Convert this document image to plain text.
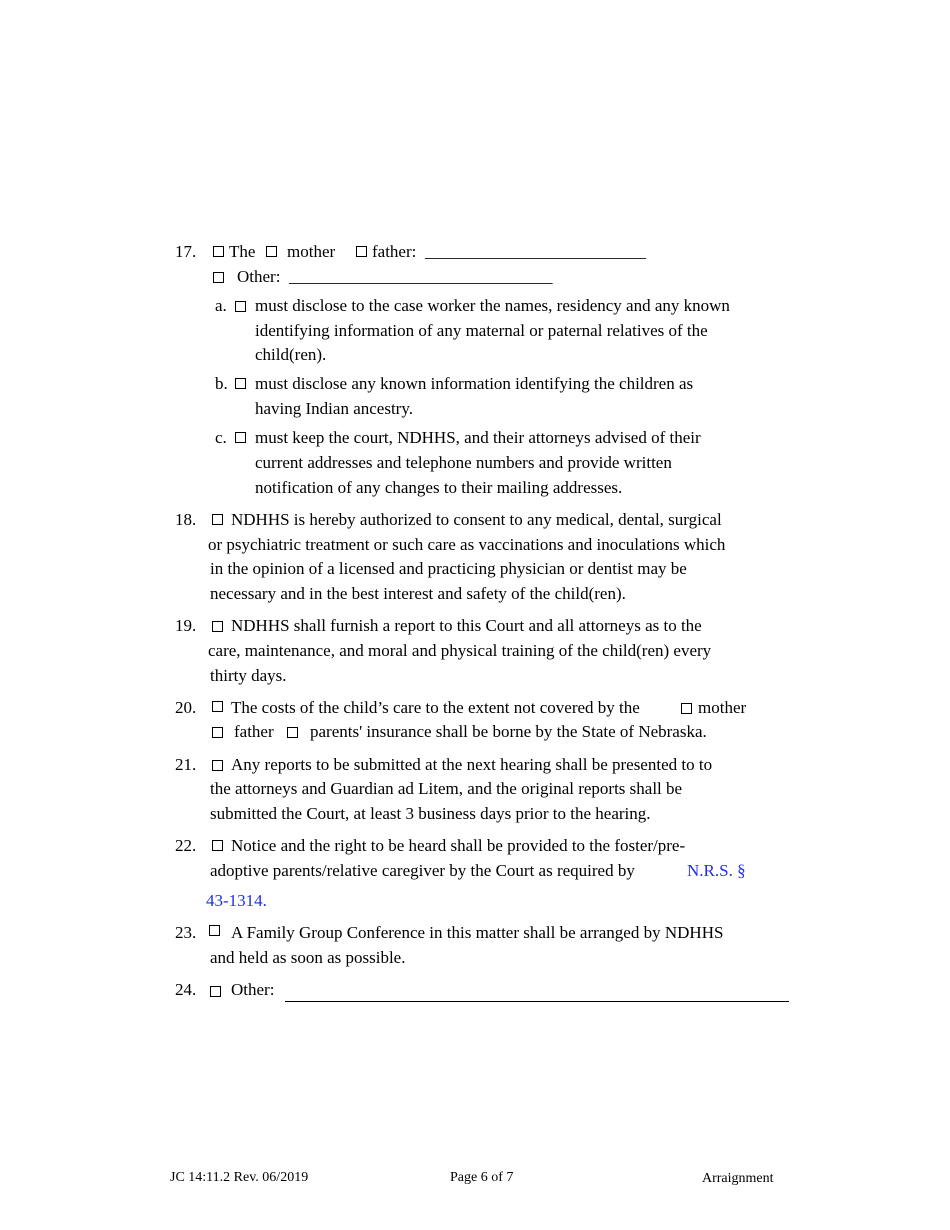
17. The mother father: __________________________
Other: _______________________________
a. must disclose to the case worker the names, residency and any known
identifying information of any maternal or paternal relatives of the
child(ren).
b. must disclose any known information identifying the children as
having Indian ancestry.
c. must keep the court, NDHHS, and their attorneys advised of their
current addresses and telephone numbers and provide written
notification of any changes to their mailing addresses.
18. NDHHS is hereby authorized to consent to any medical, dental, surgical
or psychiatric treatment or such care as vaccinations and inoculations which
in the opinion of a licensed and practicing physician or dentist may be
necessary and in the best interest and safety of the child(ren).
19. NDHHS shall furnish a report to this Court and all attorneys as to the
care, maintenance, and moral and physical training of the child(ren) every
thirty days.
20. The costs of the child’s care to the extent not covered by the	mother
father parents' insurance shall be borne by the State of Nebraska.
21. Any reports to be submitted at the next hearing shall be presented to to
the attorneys and Guardian ad Litem, and the original reports shall be
submitted the Court, at least 3 business days prior to the hearing.
22. Notice and the right to be heard shall be provided to the foster/pre-
adoptive parents/relative caregiver by the Court as required by	N.R.S. §
43-1314.
23. A Family Group Conference in this matter shall be arranged by NDHHS
and held as soon as possible.
24. Other:
JC 14:11.2 Rev. 06/2019	Page 6 of 7	Arraignment
